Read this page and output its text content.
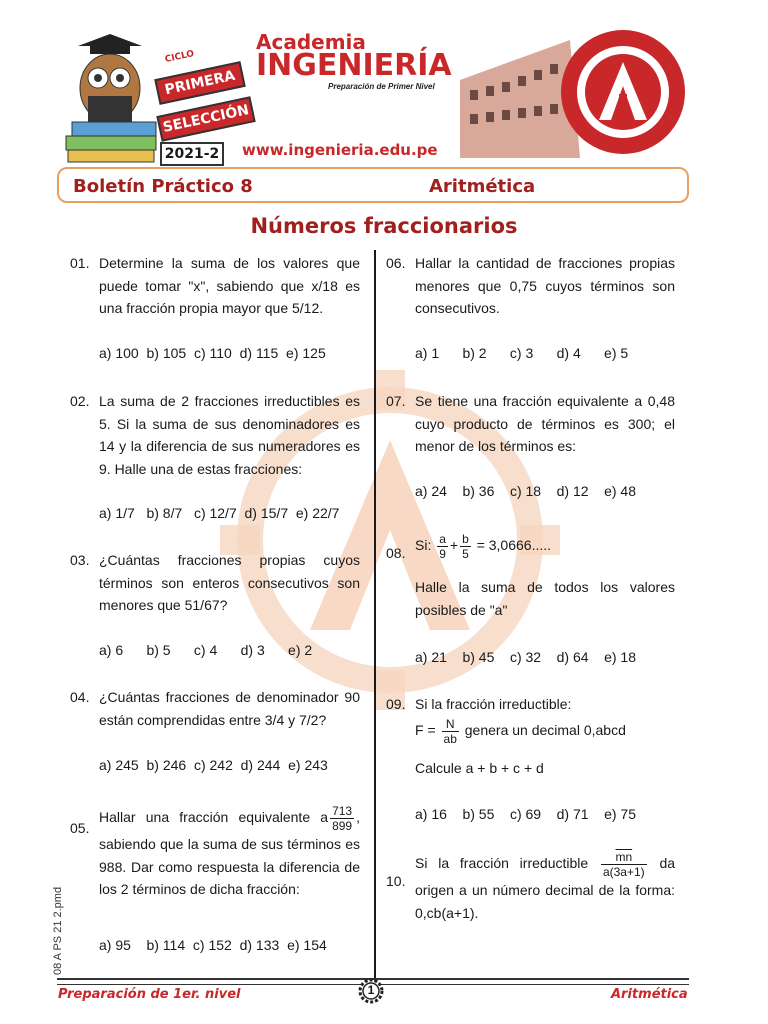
CICLO
PRIMERA
SELECCIÓN
2021-2
Academia
INGENIERÍA
Preparación de Primer Nivel
www.ingenieria.edu.pe
Boletín Práctico 8	Aritmética
Números fraccionarios
01. Determine la suma de los valores que puede tomar "x", sabiendo que x/18 es una fracción propia mayor que 5/12.
a) 100  b) 105  c) 110  d) 115  e) 125
02. La suma de 2 fracciones irreductibles es 5. Si la suma de sus denominadores es 14 y la diferencia de sus numeradores es 9. Halle una de estas fracciones:
a) 1/7   b) 8/7   c) 12/7  d) 15/7  e) 22/7
03. ¿Cuántas fracciones propias cuyos términos son enteros consecutivos son menores que 51/67?
a) 6      b) 5      c) 4      d) 3      e) 2
04. ¿Cuántas fracciones de denominador 90 están comprendidas entre 3/4 y 7/2?
a) 245  b) 246  c) 242  d) 244  e) 243
05.
Hallar una fracción equivalente a $\frac{713}{899}$ , sabiendo que la suma de sus términos es 988. Dar como respuesta la diferencia de los 2 términos de dicha fracción:
a) 95    b) 114  c) 152  d) 133  e) 154
06. Hallar la cantidad de fracciones propias menores que 0,75 cuyos términos son consecutivos.
a) 1      b) 2      c) 3      d) 4      e) 5
07. Se tiene una fracción equivalente a 0,48 cuyo producto de términos es 300; el menor de los términos es:
a) 24    b) 36    c) 18    d) 12    e) 48
08. Si: $\frac{a}{9} + \frac{b}{5} = 3,0666$.....
Halle la suma de todos los valores posibles de "a"
a) 21    b) 45    c) 32    d) 64    e) 18
09. Si la fracción irreductible:
$F = \frac{N}{ab}$ genera un decimal 0,abcd
Calcule a + b + c + d
a) 16    b) 55    c) 69    d) 71    e) 75
10.
Si la fracción irreductible $\frac{\overline{mn}}{a(3a+1)}$ da origen a un número decimal de la forma: 0,cb(a+1).
08 A PS 21 2.pmd
Preparación de 1er. nivel	1	Aritmética
